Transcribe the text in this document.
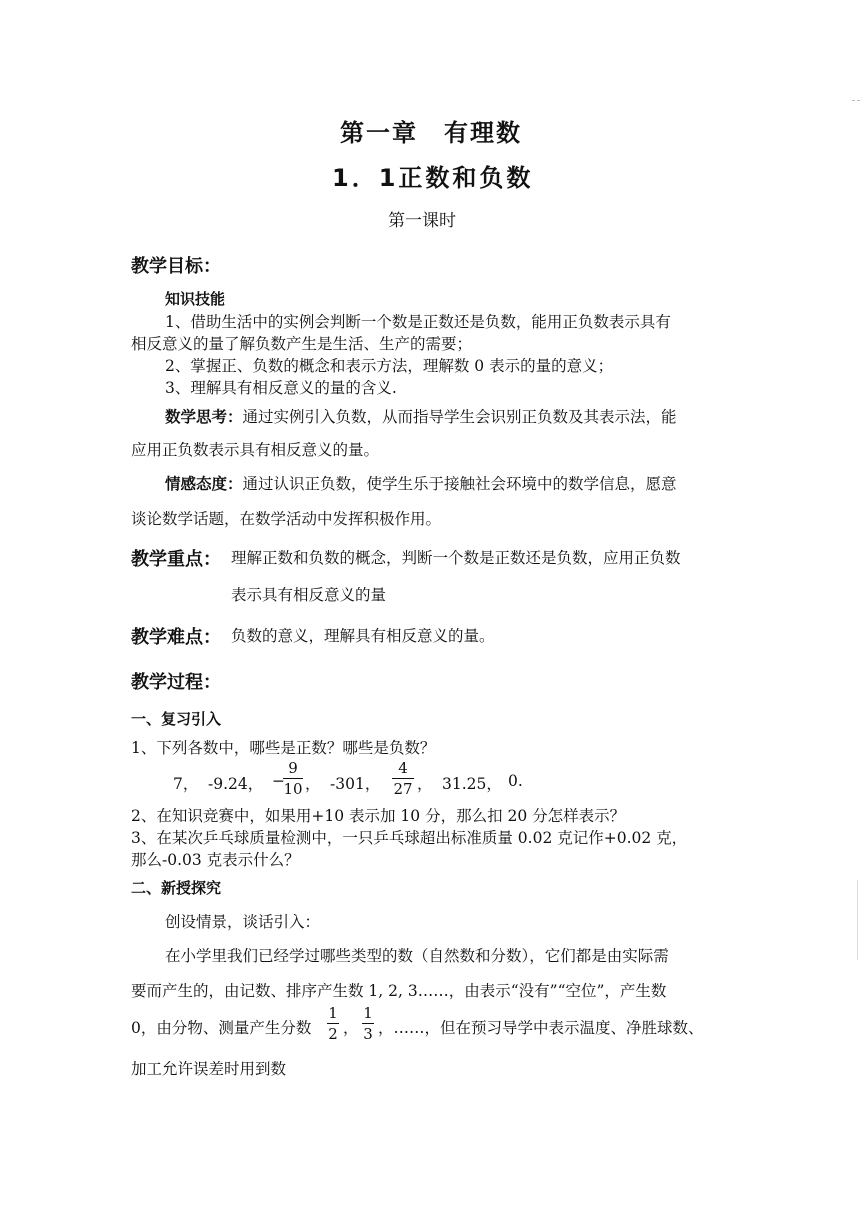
第一章　有理数
1．1正数和负数
第一课时
教学目标：
知识技能
1、借助生活中的实例会判断一个数是正数还是负数，能用正负数表示具有
相反意义的量了解负数产生是生活、生产的需要；
2、掌握正、负数的概念和表示方法，理解数 0 表示的量的意义；
3、理解具有相反意义的量的含义.
数学思考：通过实例引入负数，从而指导学生会识别正负数及其表示法，能
应用正负数表示具有相反意义的量。
情感态度：通过认识正负数，使学生乐于接触社会环境中的数学信息，愿意
谈论数学话题，在数学活动中发挥积极作用。
教学重点： 理解正数和负数的概念，判断一个数是正数还是负数，应用正负数
表示具有相反意义的量
教学难点： 负数的意义，理解具有相反意义的量。
教学过程：
一、复习引入
1、下列各数中，哪些是正数？哪些是负数？
7， -9.24， −
9
10 ， -301，
4
27 ， 31.25， 0.
2、在知识竞赛中，如果用+10 表示加 10 分，那么扣 20 分怎样表示？
3、在某次乒乓球质量检测中，一只乒乓球超出标准质量 0.02 克记作+0.02 克，
那么-0.03 克表示什么？
二、新授探究
创设情景，谈话引入：
在小学里我们已经学过哪些类型的数（自然数和分数），它们都是由实际需
要而产生的，由记数、排序产生数 1, 2, 3……，由表示“没有”“空位”，产生数
0，由分物、测量产生分数
1
2 ，
1
3 ，……，但在预习导学中表示温度、净胜球数、
加工允许误差时用到数
